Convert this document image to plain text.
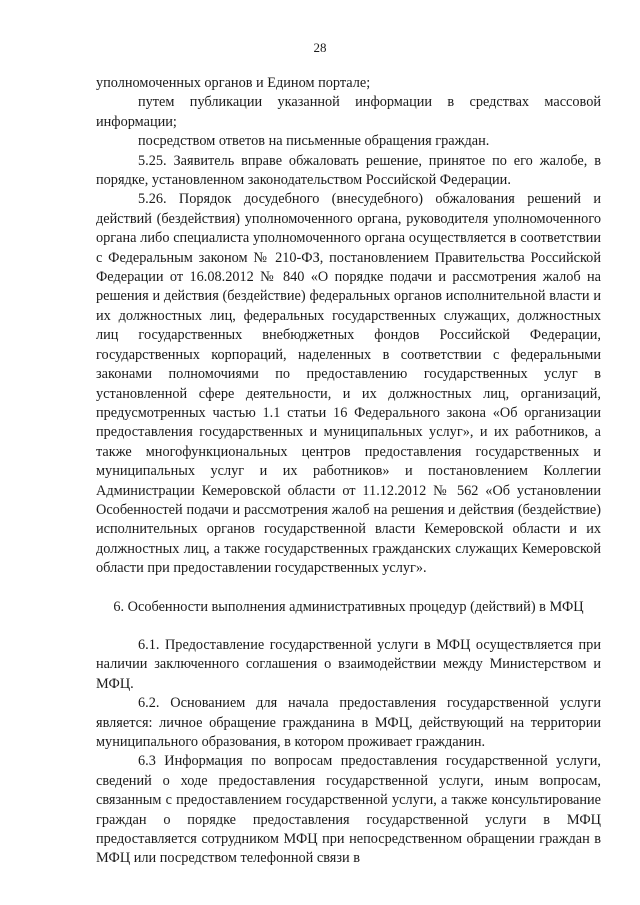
28

уполномоченных органов и Едином портале;

путем публикации указанной информации в средствах массовой информации;

посредством ответов на письменные обращения граждан.

5.25. Заявитель вправе обжаловать решение, принятое по его жалобе, в порядке, установленном законодательством Российской Федерации.

5.26. Порядок досудебного (внесудебного) обжалования решений и действий (бездействия) уполномоченного органа, руководителя уполномоченного органа либо специалиста уполномоченного органа осуществляется в соответствии с Федеральным законом № 210-ФЗ, постановлением Правительства Российской Федерации от 16.08.2012 № 840 «О порядке подачи и рассмотрения жалоб на решения и действия (бездействие) федеральных органов исполнительной власти и их должностных лиц, федеральных государственных служащих, должностных лиц государственных внебюджетных фондов Российской Федерации, государственных корпораций, наделенных в соответствии с федеральными законами полномочиями по предоставлению государственных услуг в установленной сфере деятельности, и их должностных лиц, организаций, предусмотренных частью 1.1 статьи 16 Федерального закона «Об организации предоставления государственных и муниципальных услуг», и их работников, а также многофункциональных центров предоставления государственных и муниципальных услуг и их работников» и постановлением Коллегии Администрации Кемеровской области от 11.12.2012 № 562 «Об установлении Особенностей подачи и рассмотрения жалоб на решения и действия (бездействие) исполнительных органов государственной власти Кемеровской области и их должностных лиц, а также государственных гражданских служащих Кемеровской области при предоставлении государственных услуг».

6. Особенности выполнения административных процедур (действий) в МФЦ

6.1. Предоставление государственной услуги в МФЦ осуществляется при наличии заключенного соглашения о взаимодействии между Министерством и МФЦ.

6.2. Основанием для начала предоставления государственной услуги является: личное обращение гражданина в МФЦ, действующий на территории муниципального образования, в котором проживает гражданин.

6.3 Информация по вопросам предоставления государственной услуги, сведений о ходе предоставления государственной услуги, иным вопросам, связанным с предоставлением государственной услуги, а также консультирование граждан о порядке предоставления государственной услуги в МФЦ предоставляется сотрудником МФЦ при непосредственном обращении граждан в МФЦ или посредством телефонной связи в
